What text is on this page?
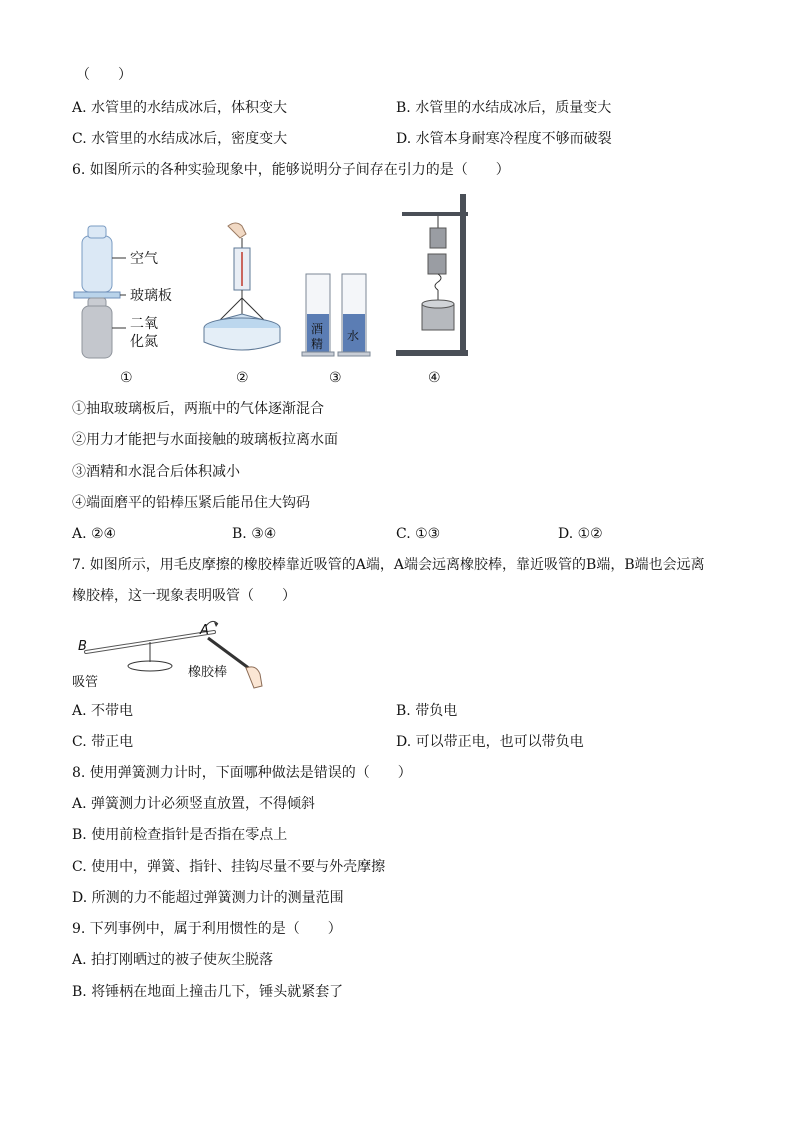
（　　）
A. 水管里的水结成冰后，体积变大	B. 水管里的水结成冰后，质量变大
C. 水管里的水结成冰后，密度变大	D. 水管本身耐寒冷程度不够而破裂
6. 如图所示的各种实验现象中，能够说明分子间存在引力的是（　　）
空气
玻璃板
二氧
化氮
酒
精
水
①	②	③	④
①抽取玻璃板后，两瓶中的气体逐渐混合
②用力才能把与水面接触的玻璃板拉离水面
③酒精和水混合后体积减小
④端面磨平的铅棒压紧后能吊住大钩码
A. ②④	B. ③④	C. ①③	D. ①②
7. 如图所示，用毛皮摩擦的橡胶棒靠近吸管的A端，A端会远离橡胶棒，靠近吸管的B端，B端也会远离
橡胶棒，这一现象表明吸管（　　）
B
A
吸管
橡胶棒
A. 不带电	B. 带负电
C. 带正电	D. 可以带正电，也可以带负电
8. 使用弹簧测力计时，下面哪种做法是错误的（　　）
A. 弹簧测力计必须竖直放置，不得倾斜
B. 使用前检查指针是否指在零点上
C. 使用中，弹簧、指针、挂钩尽量不要与外壳摩擦
D. 所测的力不能超过弹簧测力计的测量范围
9. 下列事例中，属于利用惯性的是（　　）
A. 拍打刚晒过的被子使灰尘脱落
B. 将锤柄在地面上撞击几下，锤头就紧套了
